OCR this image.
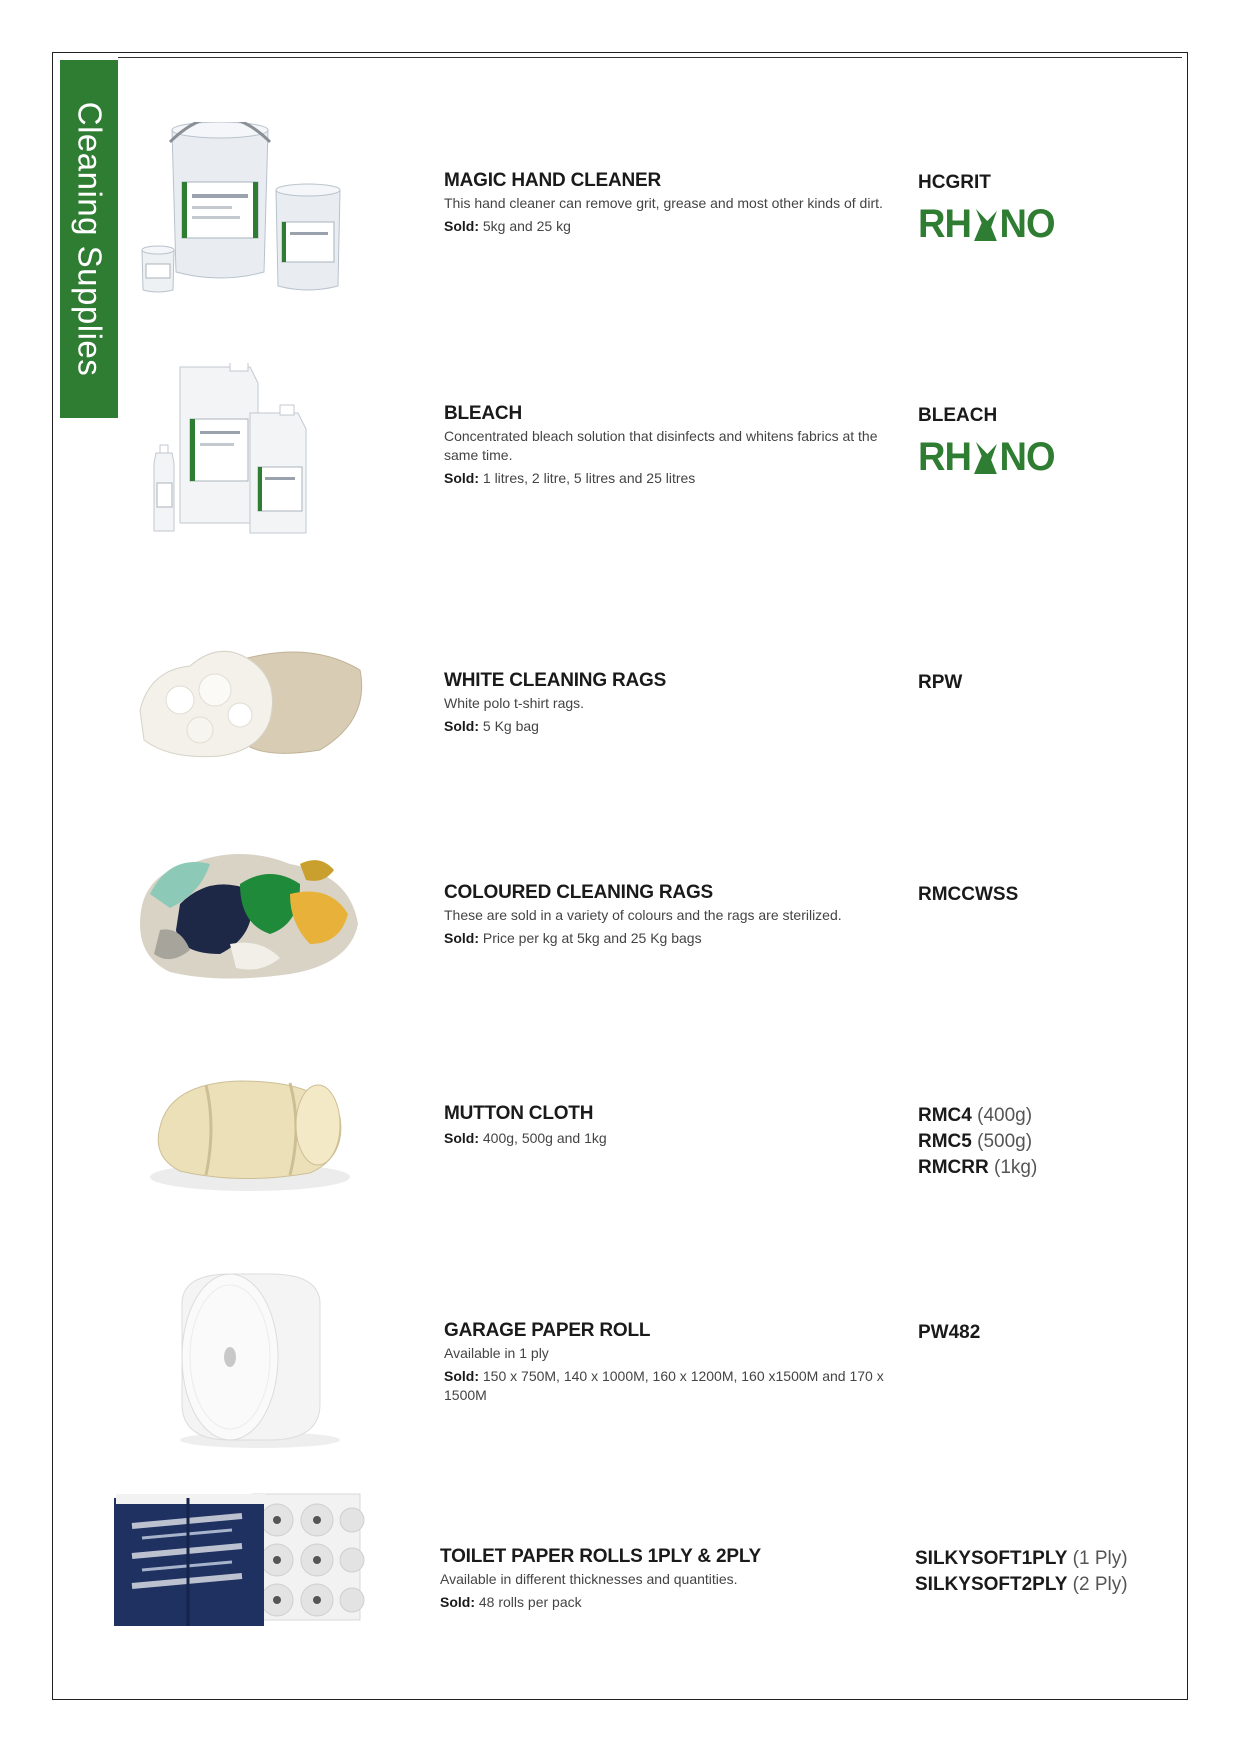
Cleaning Supplies	MAGIC HAND CLEANER
This hand cleaner can remove grit, grease and most other kinds of dirt.
Sold: 5kg and 25 kg
HCGRIT
RH NO
BLEACH
Concentrated bleach solution that disinfects and whitens fabrics at the same time.
Sold: 1 litres, 2 litre, 5 litres and 25 litres
BLEACH
RH NO
WHITE CLEANING RAGS
White polo t-shirt rags.
Sold: 5 Kg bag
RPW
COLOURED CLEANING RAGS
These are sold in a variety of colours and the rags are sterilized.
Sold: Price per kg at 5kg and 25 Kg bags
RMCCWSS
MUTTON CLOTH
Sold: 400g, 500g and 1kg
RMC4 (400g)
RMC5 (500g)
RMCRR (1kg)
GARAGE PAPER ROLL
Available in 1 ply
Sold: 150 x 750M, 140 x 1000M, 160 x 1200M, 160 x1500M and 170 x 1500M
PW482
TOILET PAPER ROLLS 1PLY & 2PLY
Available in different thicknesses and quantities.
Sold: 48 rolls per pack
SILKYSOFT1PLY (1 Ply)
SILKYSOFT2PLY (2 Ply)
